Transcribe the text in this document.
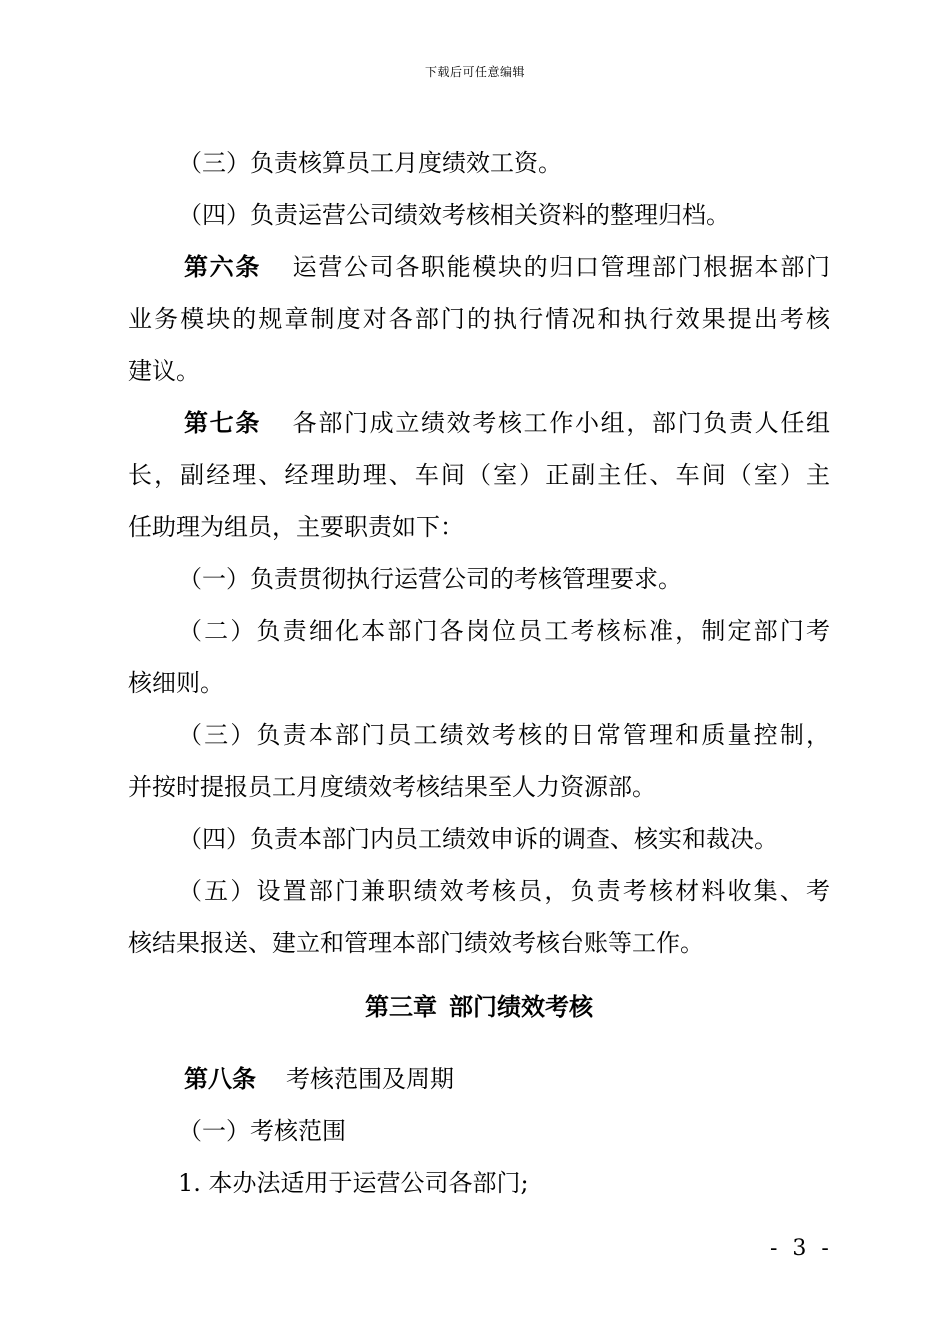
下载后可任意编辑
（三）负责核算员工月度绩效工资。
（四）负责运营公司绩效考核相关资料的整理归档。
第六条 运营公司各职能模块的归口管理部门根据本部门
业务模块的规章制度对各部门的执行情况和执行效果提出考核
建议。
第七条 各部门成立绩效考核工作小组，部门负责人任组
长，副经理、经理助理、车间（室）正副主任、车间（室）主
任助理为组员，主要职责如下：
（一）负责贯彻执行运营公司的考核管理要求。
（二）负责细化本部门各岗位员工考核标准，制定部门考
核细则。
（三）负责本部门员工绩效考核的日常管理和质量控制，
并按时提报员工月度绩效考核结果至人力资源部。
（四）负责本部门内员工绩效申诉的调查、核实和裁决。
（五）设置部门兼职绩效考核员，负责考核材料收集、考
核结果报送、建立和管理本部门绩效考核台账等工作。
第三章 部门绩效考核
第八条 考核范围及周期
（一）考核范围
1. 本办法适用于运营公司各部门;
- 3 -
